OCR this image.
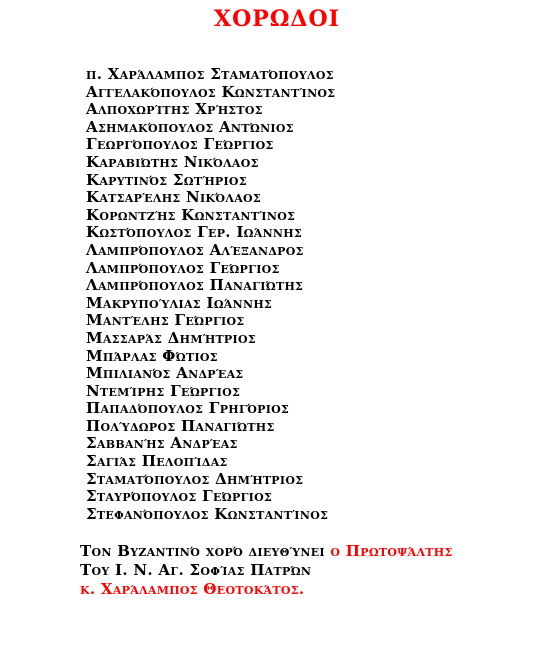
ΧΟΡΩΔΟΙ
π. Χαράλαμπος Σταματόπουλος
Αγγελακόπουλος Κωνσταντίνος
Αλποχωρίτης Χρήστος
Ασημακόπουλος Αντώνιος
Γεωργόπουλος Γεώργιος
Καραβιώτης Νικόλαος
Καρυτινός Σωτήριος
Κατσαρέλης Νικόλαος
Κορωντζής Κωνσταντίνος
Κωστόπουλος Γερ. Ιωάννης
Λαμπρόπουλος Αλέξανδρος
Λαμπρόπουλος Γεώργιος
Λαμπρόπουλος Παναγιώτης
Μακρυπούλιας Ιωάννης
Μαντέλης Γεώργιος
Μασσαράς Δημήτριος
Μπάρλας Φώτιος
Μπιλιανός Ανδρέας
Ντεμίρης Γεώργιος
Παπαδόπουλος Γρηγόριος
Πολύδωρος Παναγιώτης
Σαββανής Ανδρέας
Σαγιάς Πελοπίδας
Σταματόπουλος Δημήτριος
Σταυρόπουλος Γεώργιος
Στεφανόπουλος Κωνσταντίνος
Τον Βυζαντινό χορό διευθύνει ο Πρωτοψάλτης
Του Ι. Ν. Αγ. Σοφίας Πατρών
κ. Χαράλαμπος Θεοτοκάτος.
